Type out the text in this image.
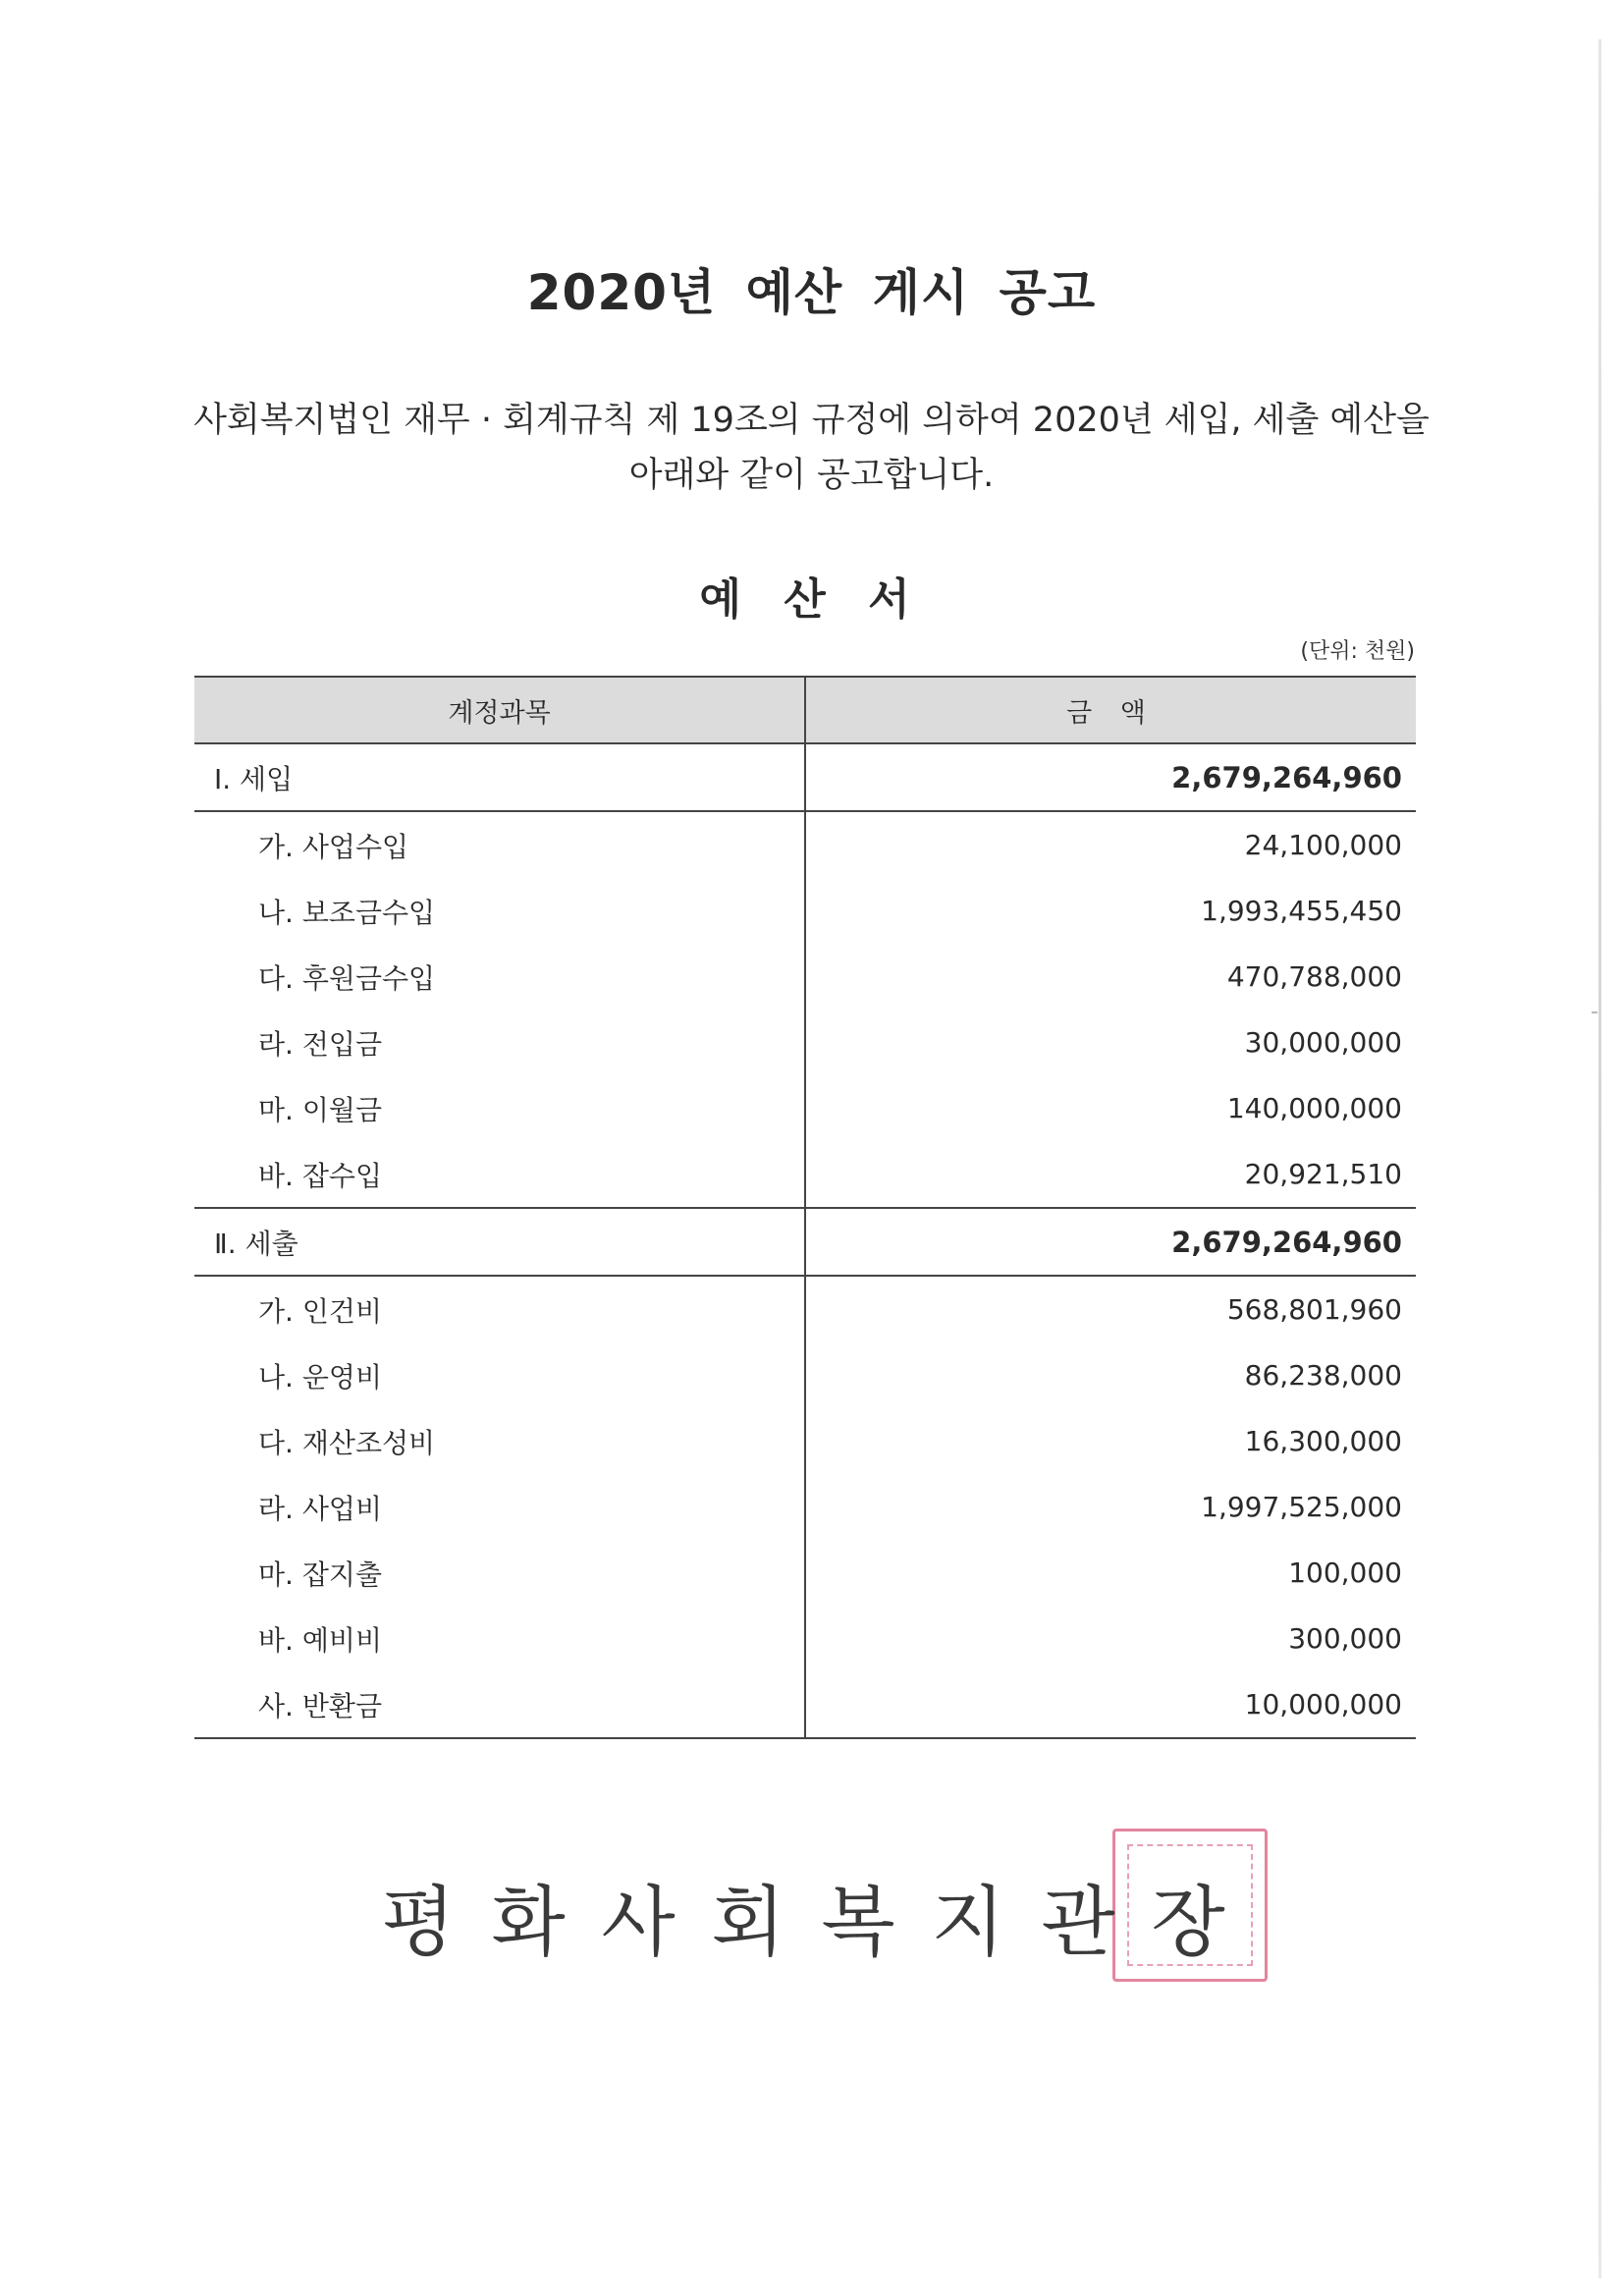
2020년 예산 게시 공고
사회복지법인 재무 · 회계규칙 제 19조의 규정에 의하여 2020년 세입, 세출 예산을
아래와 같이 공고합니다.
예 산 서
(단위: 천원)
계정과목	금 액
Ⅰ. 세입	2,679,264,960
가. 사업수입	24,100,000
나. 보조금수입	1,993,455,450
다. 후원금수입	470,788,000
라. 전입금	30,000,000
마. 이월금	140,000,000
바. 잡수입	20,921,510
Ⅱ. 세출	2,679,264,960
가. 인건비	568,801,960
나. 운영비	86,238,000
다. 재산조성비	16,300,000
라. 사업비	1,997,525,000
마. 잡지출	100,000
바. 예비비	300,000
사. 반환금	10,000,000
평 화 사 회 복 지 관 장
